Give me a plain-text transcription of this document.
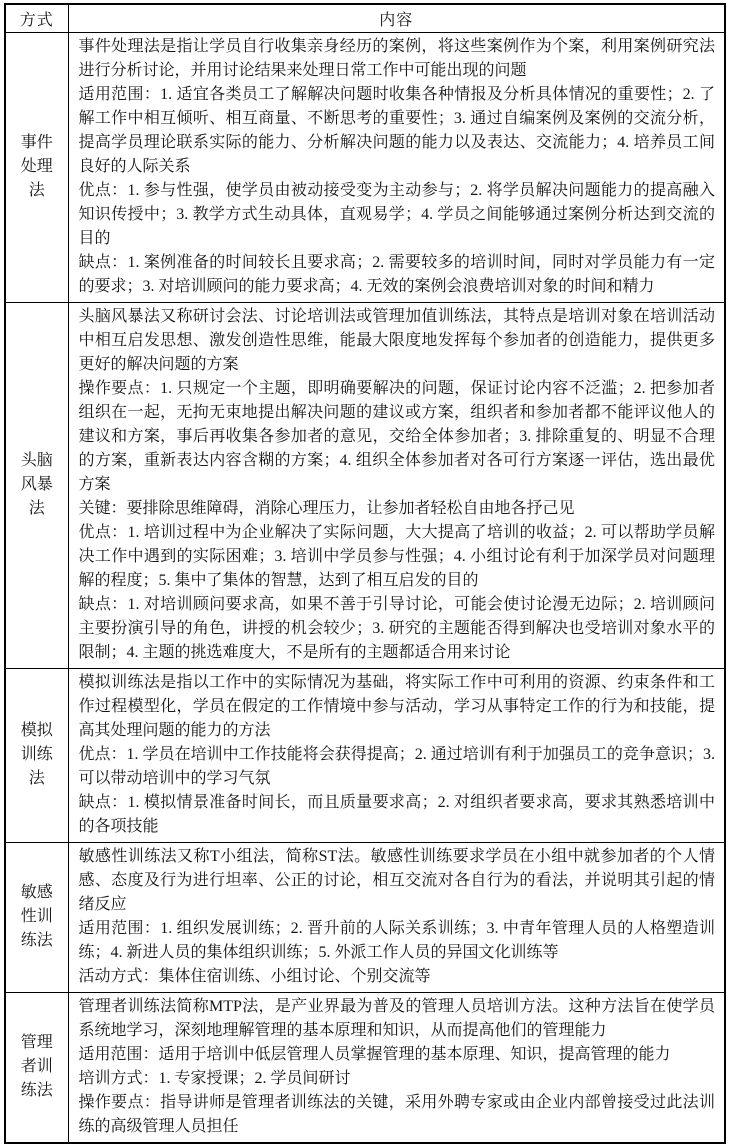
方式	内容
事件处理法	事件处理法是指让学员自行收集亲身经历的案例，将这些案例作为个案，利用案例研究法进行分析讨论，并用讨论结果来处理日常工作中可能出现的问题

适用范围：1. 适宜各类员工了解解决问题时收集各种情报及分析具体情况的重要性；2. 了解工作中相互倾听、相互商量、不断思考的重要性；3. 通过自编案例及案例的交流分析，提高学员理论联系实际的能力、分析解决问题的能力以及表达、交流能力；4. 培养员工间良好的人际关系

优点：1. 参与性强，使学员由被动接受变为主动参与；2. 将学员解决问题能力的提高融入知识传授中；3. 教学方式生动具体，直观易学；4. 学员之间能够通过案例分析达到交流的目的

缺点：1. 案例准备的时间较长且要求高；2. 需要较多的培训时间，同时对学员能力有一定的要求；3. 对培训顾问的能力要求高；4. 无效的案例会浪费培训对象的时间和精力

头脑风暴法	头脑风暴法又称研讨会法、讨论培训法或管理加值训练法，其特点是培训对象在培训活动中相互启发思想、激发创造性思维，能最大限度地发挥每个参加者的创造能力，提供更多更好的解决问题的方案

操作要点：1. 只规定一个主题，即明确要解决的问题，保证讨论内容不泛滥；2. 把参加者组织在一起，无拘无束地提出解决问题的建议或方案，组织者和参加者都不能评议他人的建议和方案，事后再收集各参加者的意见，交给全体参加者；3. 排除重复的、明显不合理的方案，重新表达内容含糊的方案；4. 组织全体参加者对各可行方案逐一评估，选出最优方案

关键：要排除思维障碍，消除心理压力，让参加者轻松自由地各抒己见

优点：1. 培训过程中为企业解决了实际问题，大大提高了培训的收益；2. 可以帮助学员解决工作中遇到的实际困难；3. 培训中学员参与性强；4. 小组讨论有利于加深学员对问题理解的程度；5. 集中了集体的智慧，达到了相互启发的目的

缺点：1. 对培训顾问要求高，如果不善于引导讨论，可能会使讨论漫无边际；2. 培训顾问主要扮演引导的角色，讲授的机会较少；3. 研究的主题能否得到解决也受培训对象水平的限制；4. 主题的挑选难度大，不是所有的主题都适合用来讨论

模拟训练法	模拟训练法是指以工作中的实际情况为基础，将实际工作中可利用的资源、约束条件和工作过程模型化，学员在假定的工作情境中参与活动，学习从事特定工作的行为和技能，提高其处理问题的能力的方法

优点：1. 学员在培训中工作技能将会获得提高；2. 通过培训有利于加强员工的竞争意识；3. 可以带动培训中的学习气氛

缺点：1. 模拟情景准备时间长，而且质量要求高；2. 对组织者要求高，要求其熟悉培训中的各项技能

敏感性训练法	敏感性训练法又称T小组法，简称ST法。敏感性训练要求学员在小组中就参加者的个人情感、态度及行为进行坦率、公正的讨论，相互交流对各自行为的看法，并说明其引起的情绪反应

适用范围：1. 组织发展训练；2. 晋升前的人际关系训练；3. 中青年管理人员的人格塑造训练；4. 新进人员的集体组织训练；5. 外派工作人员的异国文化训练等

活动方式：集体住宿训练、小组讨论、个别交流等

管理者训练法	管理者训练法简称MTP法，是产业界最为普及的管理人员培训方法。这种方法旨在使学员系统地学习，深刻地理解管理的基本原理和知识，从而提高他们的管理能力

适用范围：适用于培训中低层管理人员掌握管理的基本原理、知识，提高管理的能力

培训方式：1. 专家授课；2. 学员间研讨

操作要点：指导讲师是管理者训练法的关键，采用外聘专家或由企业内部曾接受过此法训练的高级管理人员担任
